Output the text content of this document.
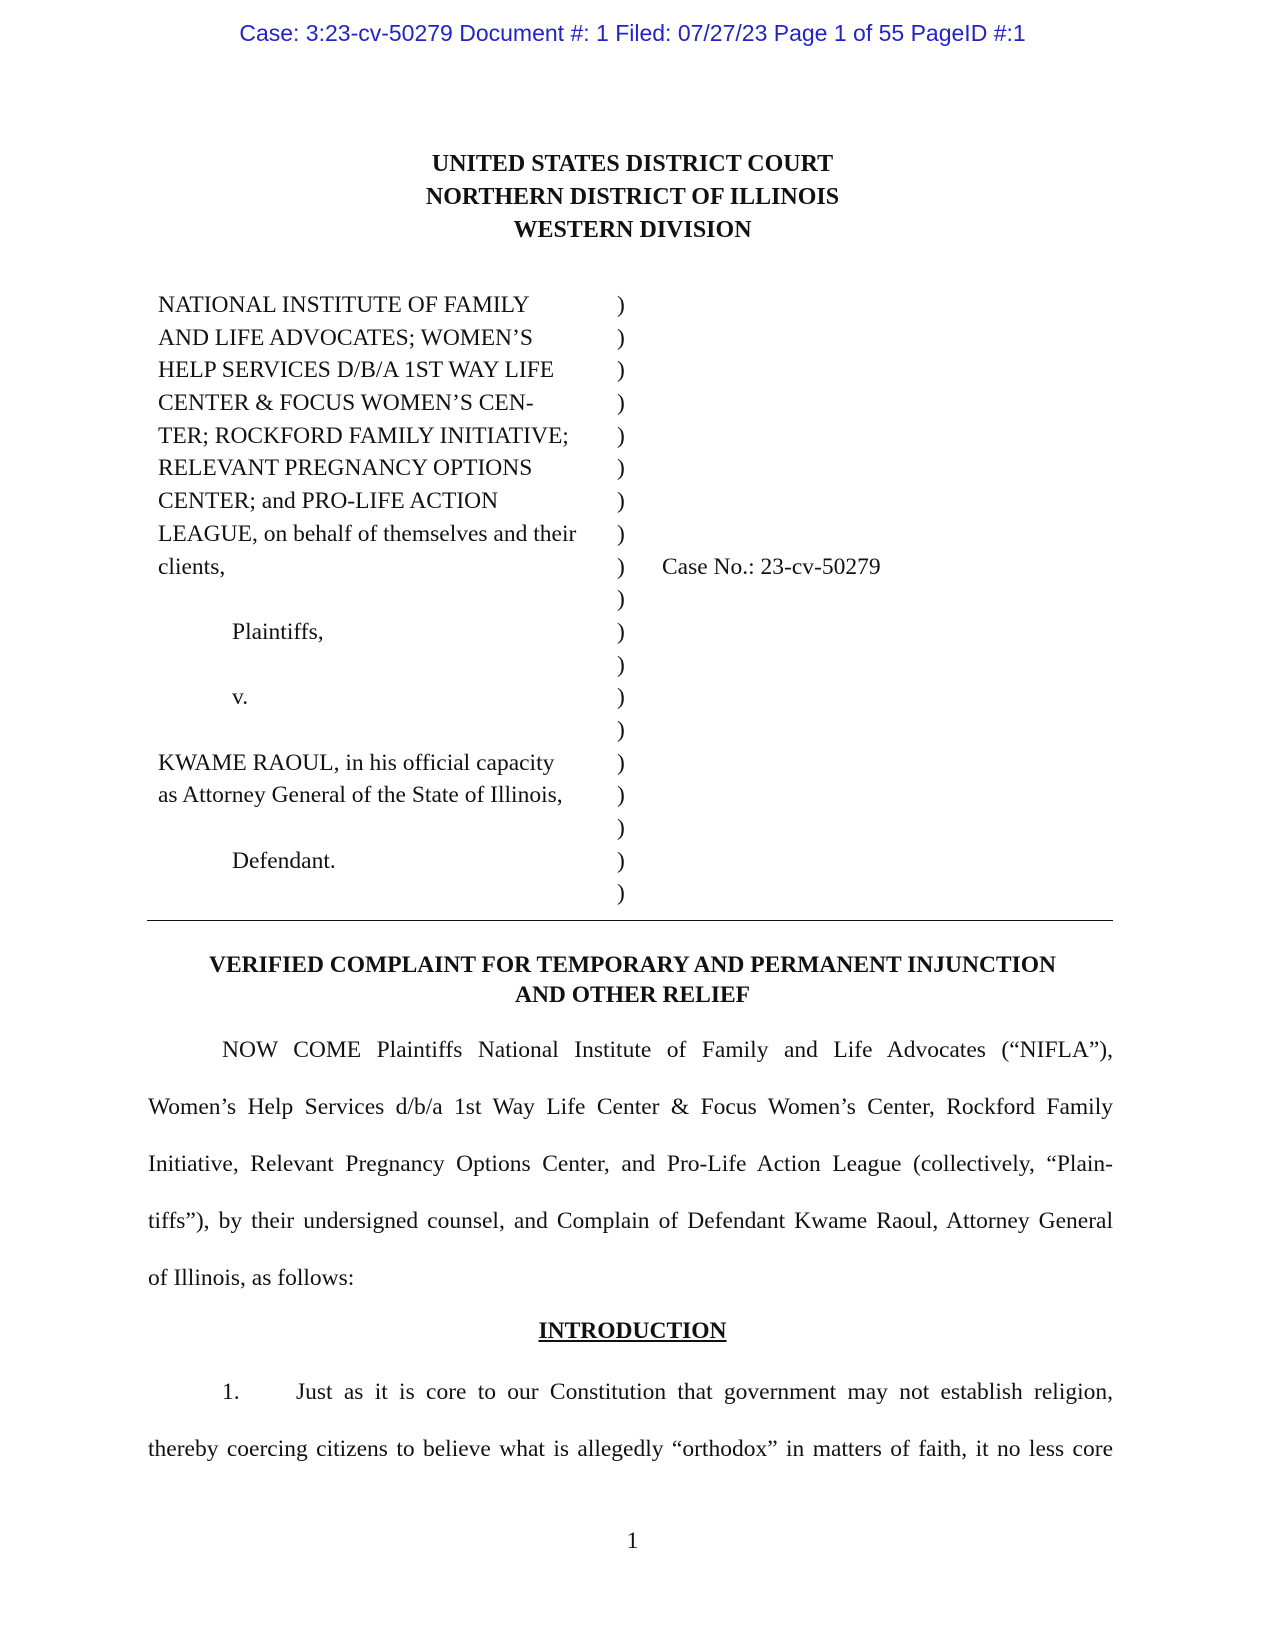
Case: 3:23-cv-50279 Document #: 1 Filed: 07/27/23 Page 1 of 55 PageID #:1
UNITED STATES DISTRICT COURT
NORTHERN DISTRICT OF ILLINOIS
WESTERN DIVISION
NATIONAL INSTITUTE OF FAMILY	)
AND LIFE ADVOCATES; WOMEN’S	)
HELP SERVICES D/B/A 1ST WAY LIFE	)
CENTER & FOCUS WOMEN’S CEN-	)
TER; ROCKFORD FAMILY INITIATIVE; )
RELEVANT PREGNANCY OPTIONS	)
CENTER; and PRO-LIFE ACTION	)
LEAGUE, on behalf of themselves and their )
clients,	) Case No.: 23-cv-50279
)
Plaintiffs,	)
)
v.	)
)
KWAME RAOUL, in his official capacity	)
as Attorney General of the State of Illinois, )
)
Defendant.	)
)
VERIFIED COMPLAINT FOR TEMPORARY AND PERMANENT INJUNCTION
AND OTHER RELIEF
NOW COME Plaintiffs National Institute of Family and Life Advocates (“NIFLA”),
Women’s Help Services d/b/a 1st Way Life Center & Focus Women’s Center, Rockford Family
Initiative, Relevant Pregnancy Options Center, and Pro-Life Action League (collectively, “Plain-
tiffs”), by their undersigned counsel, and Complain of Defendant Kwame Raoul, Attorney General
of Illinois, as follows:
INTRODUCTION
1.	Just as it is core to our Constitution that government may not establish religion,
thereby coercing citizens to believe what is allegedly “orthodox” in matters of faith, it no less core
1
